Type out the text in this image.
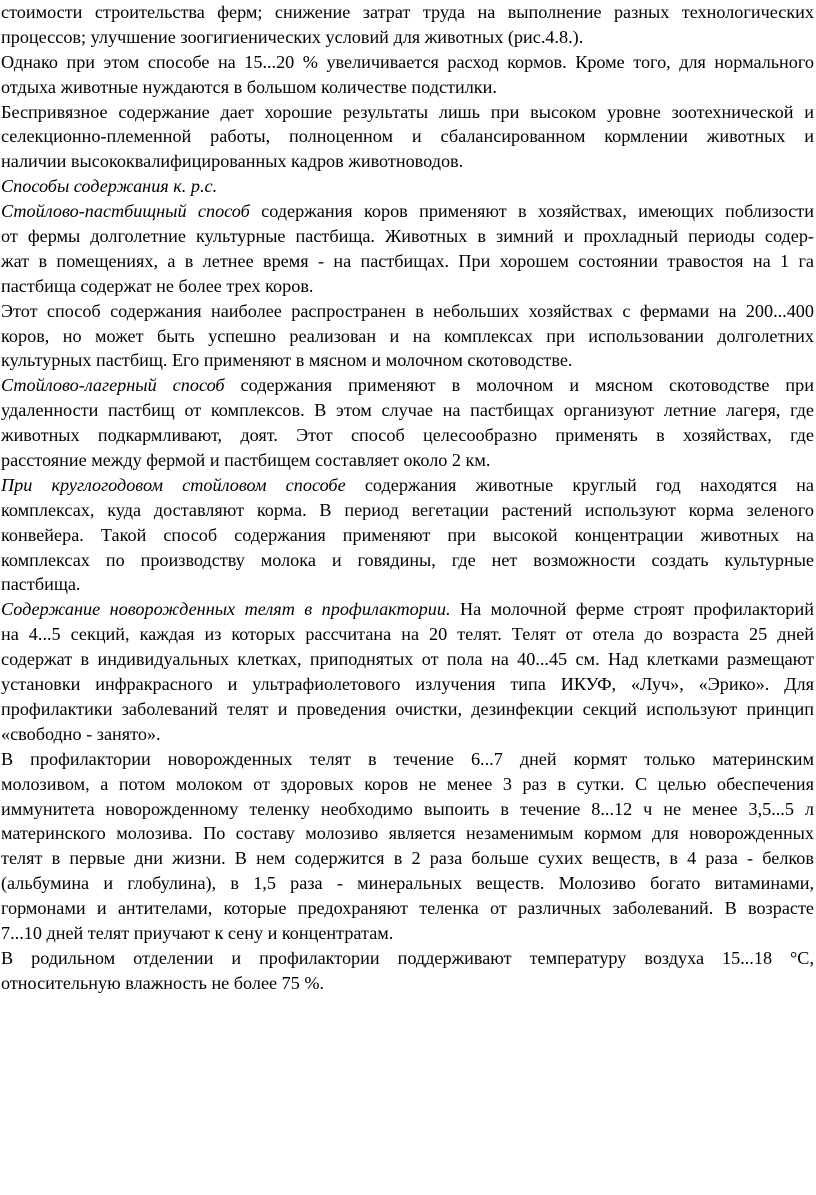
стоимости строительства ферм; снижение затрат труда на выполнение разных технологических
процессов; улучшение зоогигиенических условий для животных (рис.4.8.).
Однако при этом способе на 15...20 % увеличивается расход кормов. Кроме того, для нормального
отдыха животные нуждаются в большом количестве подстилки.
Беспривязное содержание дает хорошие результаты лишь при высоком уровне зоотехнической и
селекционно-племенной работы, полноценном и сбалансированном кормлении животных и
наличии высококвалифицированных кадров животноводов.
Способы содержания к. р.с.
Стойлово-пастбищный способ содержания коров применяют в хозяйствах, имеющих поблизости
от фермы долголетние культурные пастбища. Животных в зимний и прохладный периоды содер-
жат в помещениях, а в летнее время - на пастбищах. При хорошем состоянии травостоя на 1 га
пастбища содержат не более трех коров.
Этот способ содержания наиболее распространен в небольших хозяйствах с фермами на 200...400
коров, но может быть успешно реализован и на комплексах при использовании долголетних
культурных пастбищ. Его применяют в мясном и молочном скотоводстве.
Стойлово-лагерный способ содержания применяют в молочном и мясном скотоводстве при
удаленности пастбищ от комплексов. В этом случае на пастбищах организуют летние лагеря, где
животных подкармливают, доят. Этот способ целесообразно применять в хозяйствах, где
расстояние между фермой и пастбищем составляет около 2 км.
При круглогодовом стойловом способе содержания животные круглый год находятся на
комплексах, куда доставляют корма. В период вегетации растений используют корма зеленого
конвейера. Такой способ содержания применяют при высокой концентрации животных на
комплексах по производству молока и говядины, где нет возможности создать культурные
пастбища.
Содержание новорожденных телят в профилактории. На молочной ферме строят профилакторий
на 4...5 секций, каждая из которых рассчитана на 20 телят. Телят от отела до возраста 25 дней
содержат в индивидуальных клетках, приподнятых от пола на 40...45 см. Над клетками размещают
установки инфракрасного и ультрафиолетового излучения типа ИКУФ, «Луч», «Эрико». Для
профилактики заболеваний телят и проведения очистки, дезинфекции секций используют принцип
«свободно - занято».
В профилактории новорожденных телят в течение 6...7 дней кормят только материнским
молозивом, а потом молоком от здоровых коров не менее 3 раз в сутки. С целью обеспечения
иммунитета новорожденному теленку необходимо выпоить в течение 8...12 ч не менее 3,5...5 л
материнского молозива. По составу молозиво является незаменимым кормом для новорожденных
телят в первые дни жизни. В нем содержится в 2 раза больше сухих веществ, в 4 раза - белков
(альбумина и глобулина), в 1,5 раза - минеральных веществ. Молозиво богато витаминами,
гормонами и антителами, которые предохраняют теленка от различных заболеваний. В возрасте
7...10 дней телят приучают к сену и концентратам.
В родильном отделении и профилактории поддерживают температуру воздуха 15...18 °С,
относительную влажность не более 75 %.
